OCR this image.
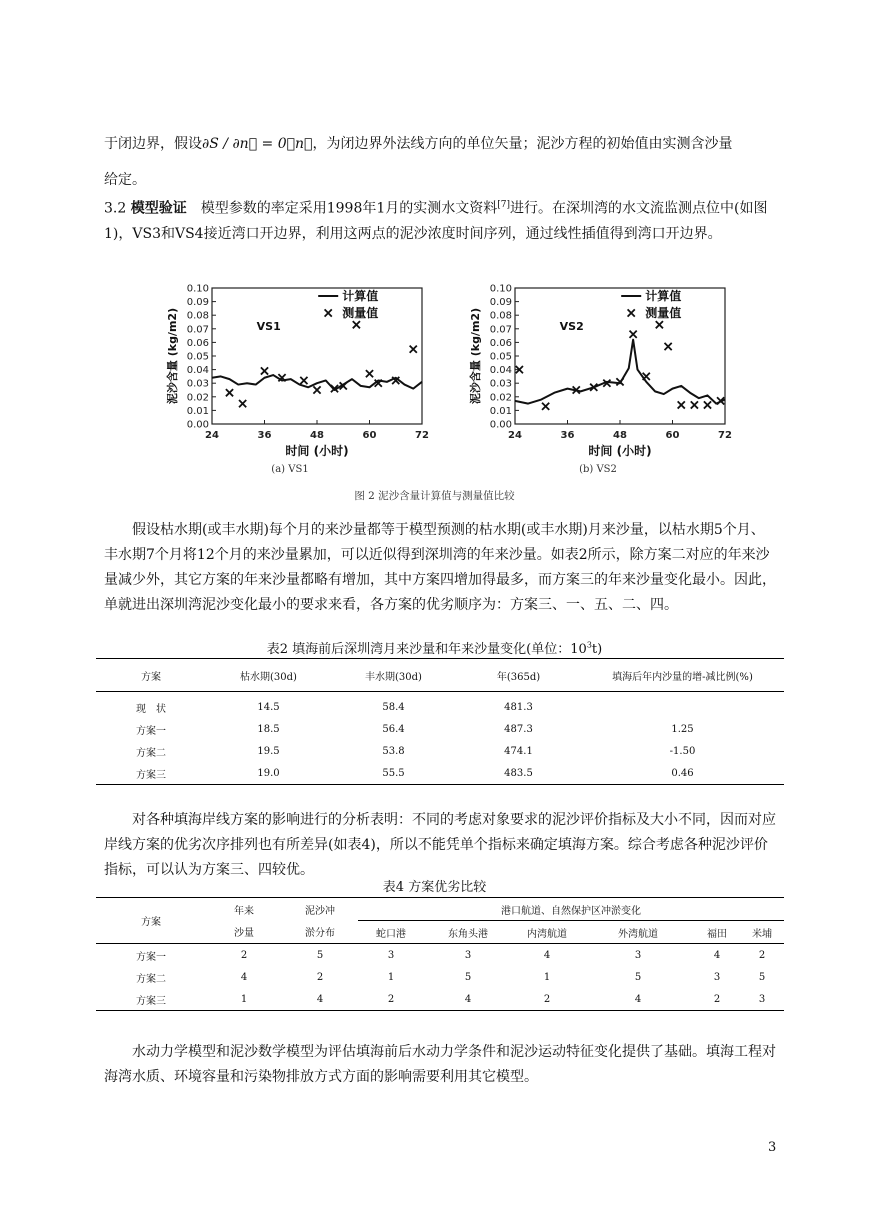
于闭边界，假设∂S / ∂n⃗ = 0，n⃗，为闭边界外法线方向的单位矢量；泥沙方程的初始值由实测含沙量

给定。

3.2 模型验证　模型参数的率定采用1998年1月的实测水文资料[7]进行。在深圳湾的水文流监测点位中(如图1)，VS3和VS4接近湾口开边界，利用这两点的泥沙浓度时间序列，通过线性插值得到湾口开边界。

0.00
0.01
0.02
0.03
0.04
0.05
0.06
0.07
0.08
0.09
0.10
24	36	48	60	72
时间 (小时)
泥沙含量 (kg/m2)	VS1
计算值
测量值
0.00
0.01
0.02
0.03
0.04
0.05
0.06
0.07
0.08
0.09
0.10
24	36	48	60	72
时间 (小时)
泥沙含量 (kg/m2)	VS2
计算值
测量值
(a) VS1	(b) VS2
图 2 泥沙含量计算值与测量值比较

假设枯水期(或丰水期)每个月的来沙量都等于模型预测的枯水期(或丰水期)月来沙量，以枯水期5个月、丰水期7个月将12个月的来沙量累加，可以近似得到深圳湾的年来沙量。如表2所示，除方案二对应的年来沙量减少外，其它方案的年来沙量都略有增加，其中方案四增加得最多，而方案三的年来沙量变化最小。因此，单就进出深圳湾泥沙变化最小的要求来看，各方案的优劣顺序为：方案三、一、五、二、四。

表2 填海前后深圳湾月来沙量和年来沙量变化(单位：$10^3t$)
方案	枯水期(30d)	丰水期(30d)	年(365d)	填海后年内沙量的增-减比例(%)
现　状	14.5	58.4	481.3	
方案一	18.5	56.4	487.3	1.25
方案二	19.5	53.8	474.1	-1.50
方案三	19.0	55.5	483.5	0.46

对各种填海岸线方案的影响进行的分析表明：不同的考虑对象要求的泥沙评价指标及大小不同，因而对应岸线方案的优劣次序排列也有所差异(如表4)，所以不能凭单个指标来确定填海方案。综合考虑各种泥沙评价指标，可以认为方案三、四较优。

表4 方案优劣比较
方案	年来	泥沙冲	港口航道、自然保护区冲淤变化					
	沙量	淤分布	蛇口港	东角头港	内湾航道	外湾航道	福田	米埔
方案一	2	5	3	3	4	3	4	2
方案二	4	2	1	5	1	5	3	5
方案三	1	4	2	4	2	4	2	3

水动力学模型和泥沙数学模型为评估填海前后水动力学条件和泥沙运动特征变化提供了基础。填海工程对海湾水质、环境容量和污染物排放方式方面的影响需要利用其它模型。

3
